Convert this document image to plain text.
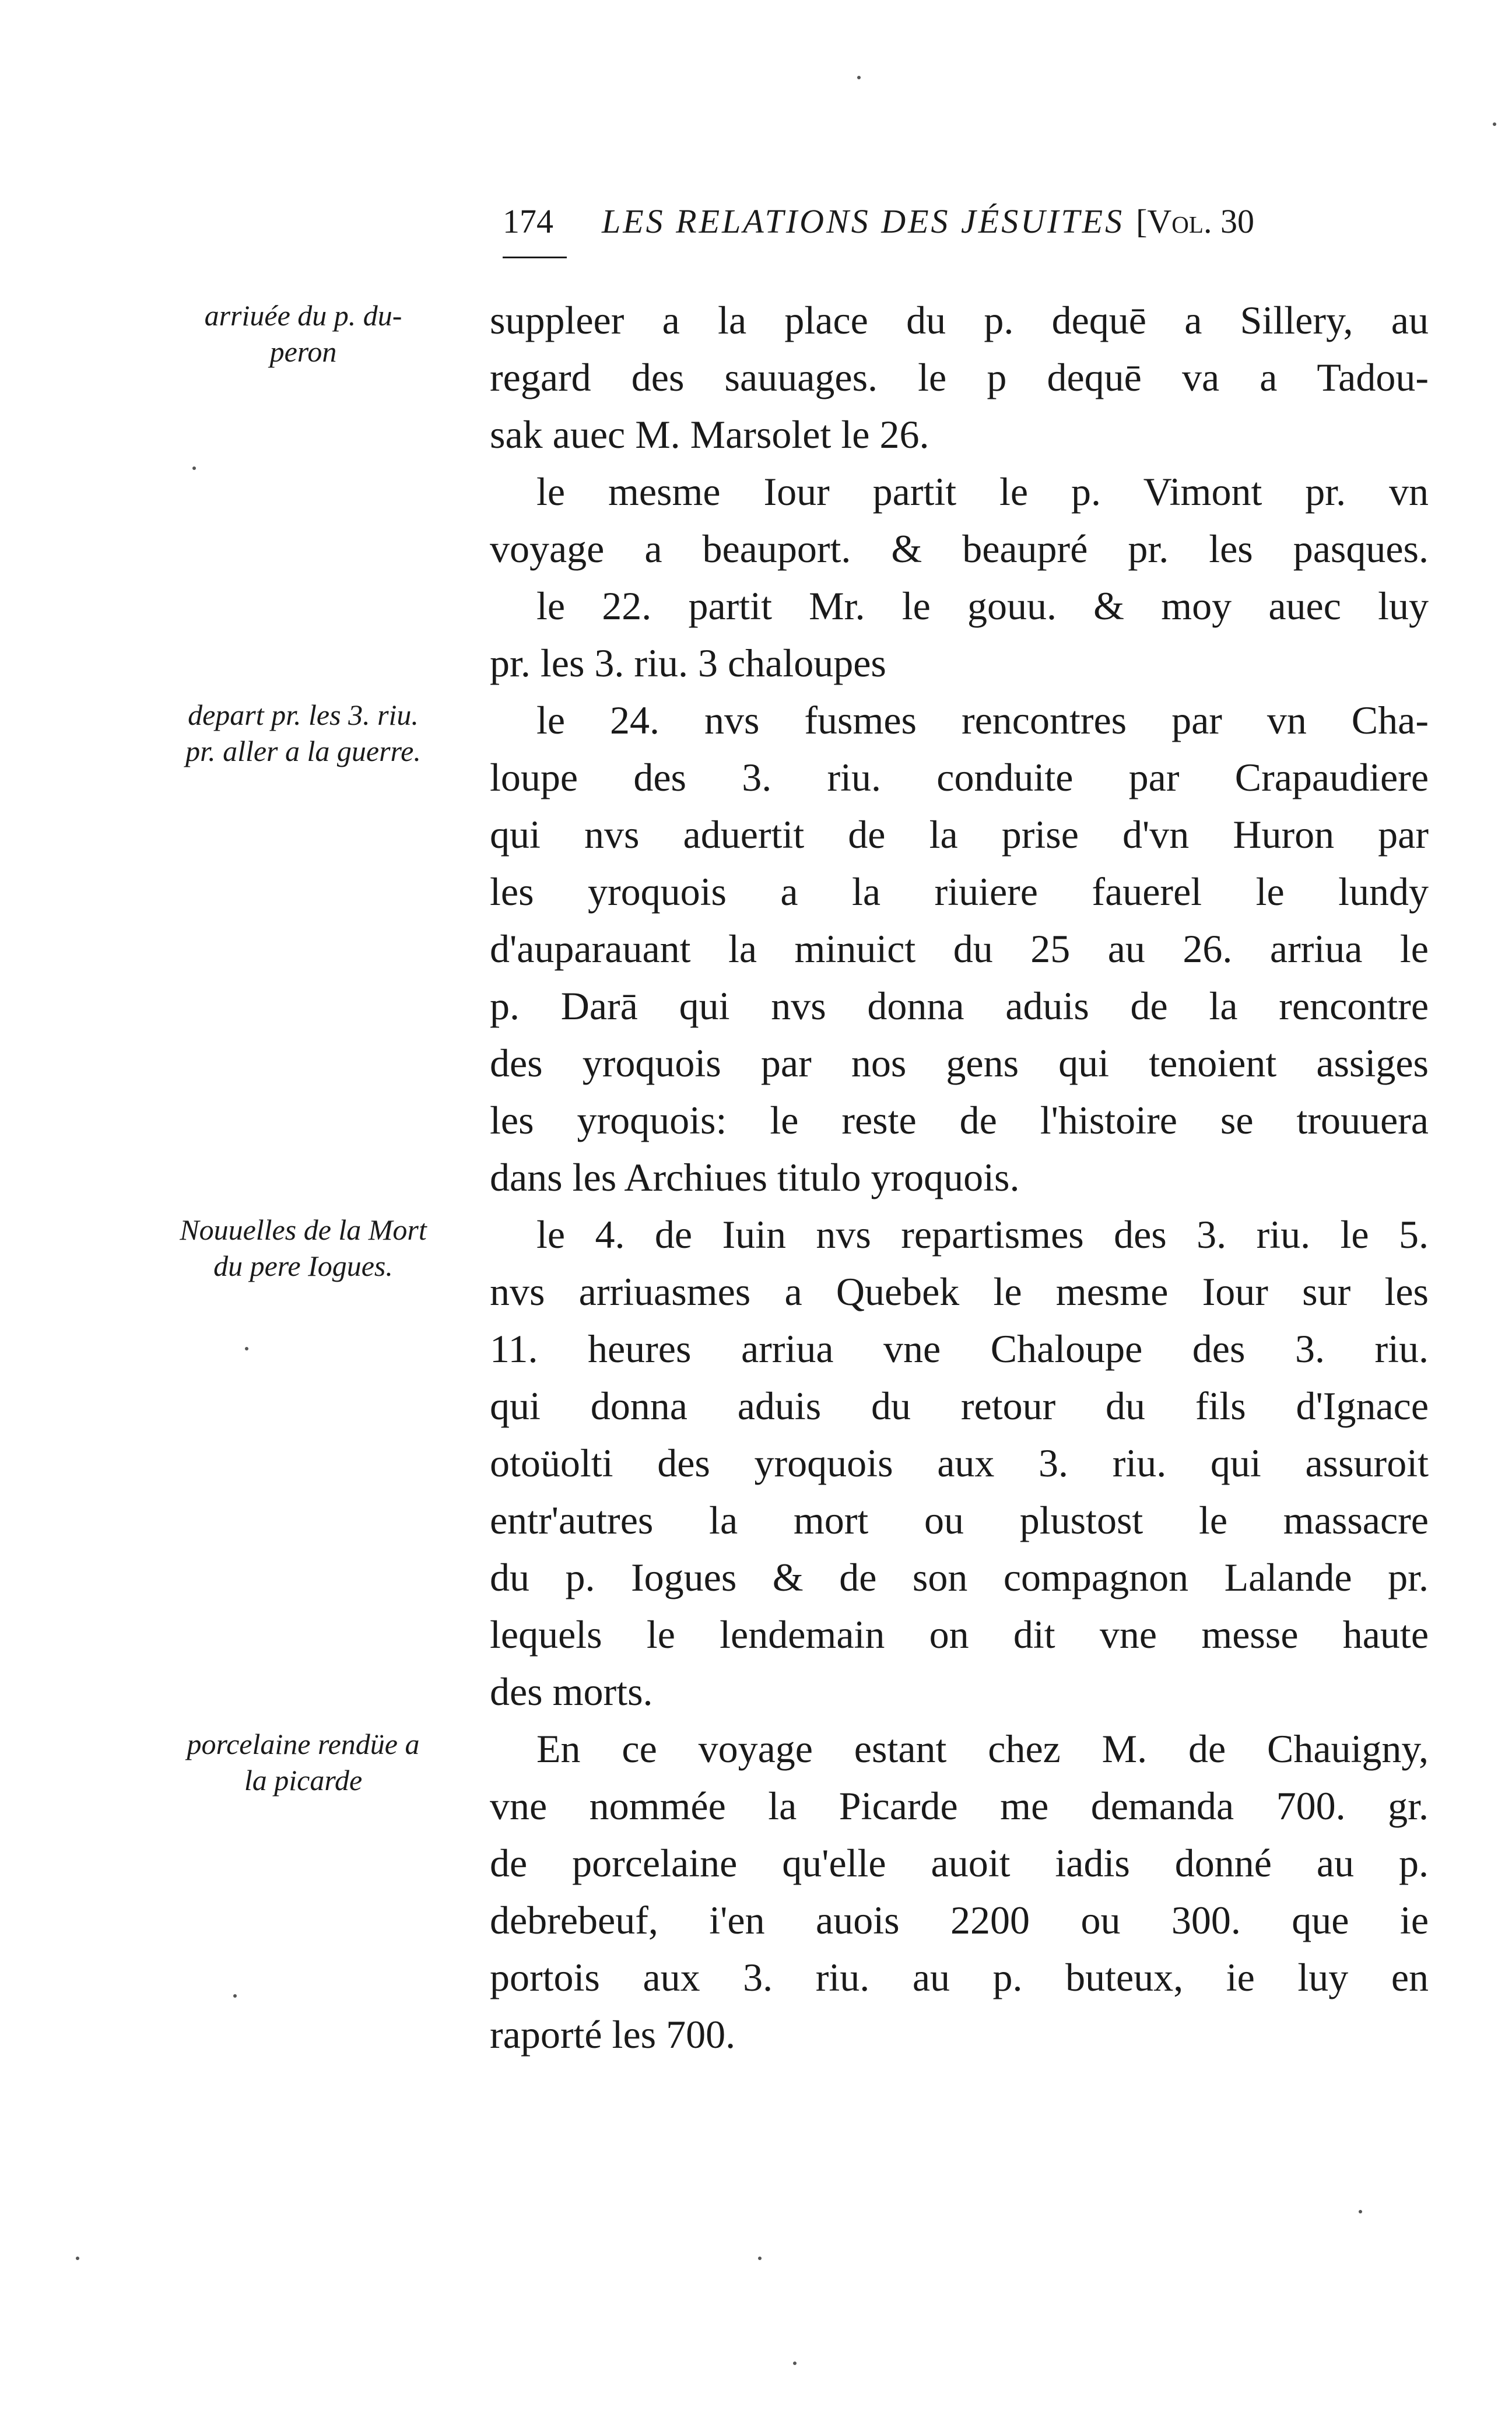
174 LES RELATIONS DES JÉSUITES [Vol. 30
arriuée du p. du-
peron
depart pr. les 3. riu.
pr. aller a la guerre.
Nouuelles de la Mort
du pere Iogues.
porcelaine rendüe a
la picarde

suppleer a la place du p. dequē a Sillery, au
regard des sauuages. le p dequē va a Tadou-
sak auec M. Marsolet le 26.

le mesme Iour partit le p. Vimont pr. vn
voyage a beauport. & beaupré pr. les pasques.

le 22. partit Mr. le gouu. & moy auec luy
pr. les 3. riu. 3 chaloupes

le 24. nvs fusmes rencontres par vn Cha-
loupe des 3. riu. conduite par Crapaudiere
qui nvs aduertit de la prise d'vn Huron par
les yroquois a la riuiere fauerel le lundy
d'auparauant la minuict du 25 au 26. arriua le
p. Darā qui nvs donna aduis de la rencontre
des yroquois par nos gens qui tenoient assiges
les yroquois: le reste de l'histoire se trouuera
dans les Archiues titulo yroquois.

le 4. de Iuin nvs repartismes des 3. riu. le 5.
nvs arriuasmes a Quebek le mesme Iour sur les
11. heures arriua vne Chaloupe des 3. riu.
qui donna aduis du retour du fils d'Ignace
otoüolti des yroquois aux 3. riu. qui assuroit
entr'autres la mort ou plustost le massacre
du p. Iogues & de son compagnon Lalande pr.
lequels le lendemain on dit vne messe haute
des morts.

En ce voyage estant chez M. de Chauigny,
vne nommée la Picarde me demanda 700. gr.
de porcelaine qu'elle auoit iadis donné au p.
debrebeuf, i'en auois 2200 ou 300. que ie
portois aux 3. riu. au p. buteux, ie luy en
raporté les 700.
